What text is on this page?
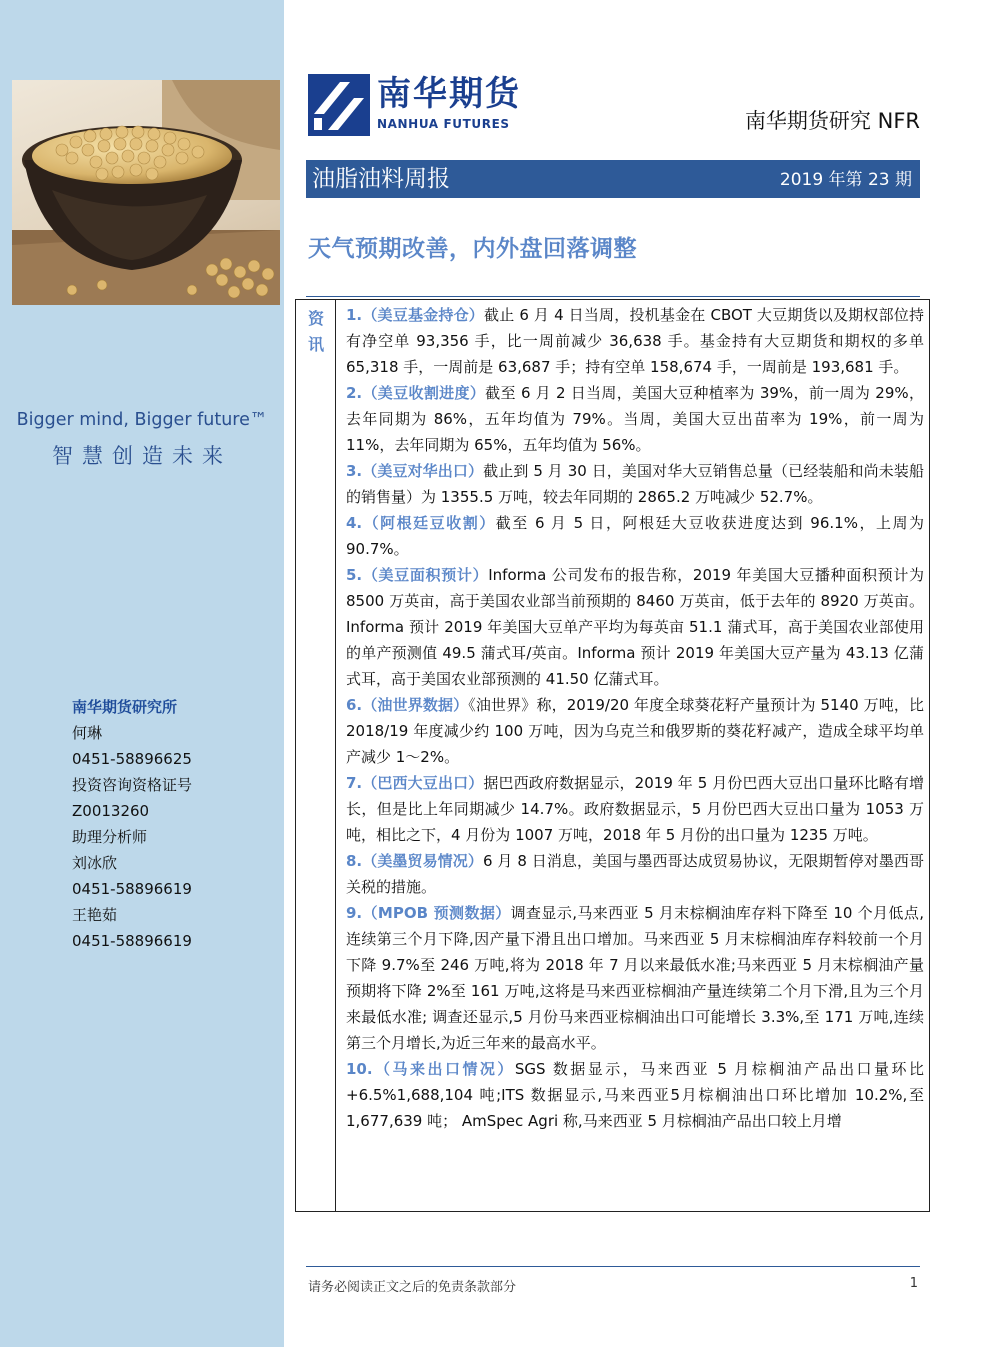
Bigger mind, Bigger future™
智慧创造未来
南华期货研究所
何琳
0451-58896625
投资咨询资格证号
Z0013260
助理分析师
刘冰欣
0451-58896619
王艳茹
0451-58896619
南华期货
NANHUA FUTURES	南华期货研究 NFR
油脂油料周报	2019 年第 23 期
天气预期改善，内外盘回落调整
资
讯
1.（美豆基金持仓）截止 6 月 4 日当周，投机基金在 CBOT 大豆期货以及期权部位持有净空单 93,356 手，比一周前减少 36,638 手。基金持有大豆期货和期权的多单 65,318 手，一周前是 63,687 手；持有空单 158,674 手，一周前是 193,681 手。
2.（美豆收割进度）截至 6 月 2 日当周，美国大豆种植率为 39%，前一周为 29%，去年同期为 86%，五年均值为 79%。当周，美国大豆出苗率为 19%，前一周为 11%，去年同期为 65%，五年均值为 56%。
3.（美豆对华出口）截止到 5 月 30 日，美国对华大豆销售总量（已经装船和尚未装船的销售量）为 1355.5 万吨，较去年同期的 2865.2 万吨减少 52.7%。
4.（阿根廷豆收割）截至 6 月 5 日，阿根廷大豆收获进度达到 96.1%，上周为 90.7%。
5.（美豆面积预计）Informa 公司发布的报告称，2019 年美国大豆播种面积预计为 8500 万英亩，高于美国农业部当前预期的 8460 万英亩，低于去年的 8920 万英亩。Informa 预计 2019 年美国大豆单产平均为每英亩 51.1 蒲式耳，高于美国农业部使用的单产预测值 49.5 蒲式耳/英亩。Informa 预计 2019 年美国大豆产量为 43.13 亿蒲式耳，高于美国农业部预测的 41.50 亿蒲式耳。
6.（油世界数据）《油世界》称，2019/20 年度全球葵花籽产量预计为 5140 万吨，比 2018/19 年度减少约 100 万吨，因为乌克兰和俄罗斯的葵花籽减产，造成全球平均单产减少 1～2%。
7.（巴西大豆出口）据巴西政府数据显示，2019 年 5 月份巴西大豆出口量环比略有增长，但是比上年同期减少 14.7%。政府数据显示，5 月份巴西大豆出口量为 1053 万吨，相比之下，4 月份为 1007 万吨，2018 年 5 月份的出口量为 1235 万吨。
8.（美墨贸易情况）6 月 8 日消息，美国与墨西哥达成贸易协议，无限期暂停对墨西哥关税的措施。
9.（MPOB 预测数据）调查显示,马来西亚 5 月末棕榈油库存料下降至 10 个月低点,连续第三个月下降,因产量下滑且出口增加。马来西亚 5 月末棕榈油库存料较前一个月下降 9.7%至 246 万吨,将为 2018 年 7 月以来最低水准;马来西亚 5 月末棕榈油产量预期将下降 2%至 161 万吨,这将是马来西亚棕榈油产量连续第二个月下滑,且为三个月来最低水准; 调查还显示,5 月份马来西亚棕榈油出口可能增长 3.3%,至 171 万吨,连续第三个月增长,为近三年来的最高水平。
10.（马来出口情况）SGS 数据显示，马来西亚 5 月棕榈油产品出口量环比+6.5%1,688,104 吨;ITS 数据显示,马来西亚5月棕榈油出口环比增加 10.2%,至 1,677,639 吨； AmSpec Agri 称,马来西亚 5 月棕榈油产品出口较上月增
请务必阅读正文之后的免责条款部分	1
